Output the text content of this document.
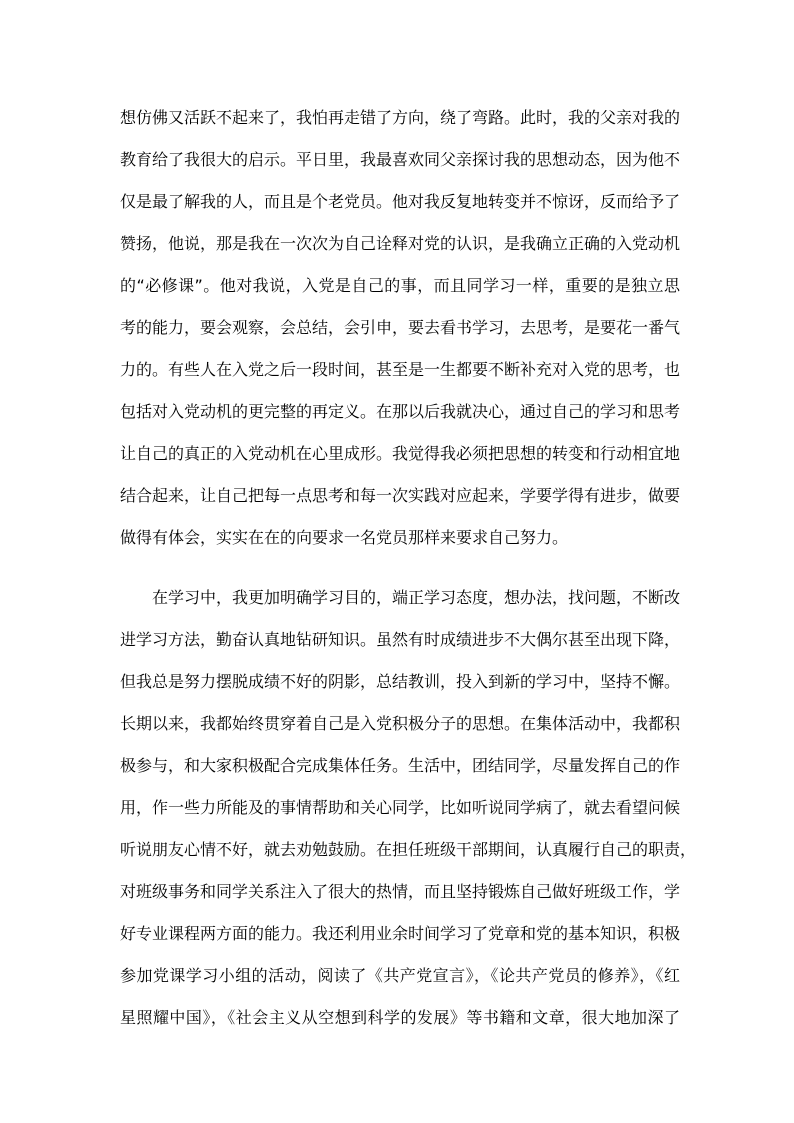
想仿佛又活跃不起来了，我怕再走错了方向，绕了弯路。此时，我的父亲对我的
教育给了我很大的启示。平日里，我最喜欢同父亲探讨我的思想动态，因为他不
仅是最了解我的人，而且是个老党员。他对我反复地转变并不惊讶，反而给予了
赞扬，他说，那是我在一次次为自己诠释对党的认识，是我确立正确的入党动机
的“必修课”。他对我说，入党是自己的事，而且同学习一样，重要的是独立思
考的能力，要会观察，会总结，会引申，要去看书学习，去思考，是要花一番气
力的。有些人在入党之后一段时间，甚至是一生都要不断补充对入党的思考，也
包括对入党动机的更完整的再定义。在那以后我就决心，通过自己的学习和思考
让自己的真正的入党动机在心里成形。我觉得我必须把思想的转变和行动相宜地
结合起来，让自己把每一点思考和每一次实践对应起来，学要学得有进步，做要
做得有体会，实实在在的向要求一名党员那样来要求自己努力。
在学习中，我更加明确学习目的，端正学习态度，想办法，找问题，不断改
进学习方法，勤奋认真地钻研知识。虽然有时成绩进步不大偶尔甚至出现下降，
但我总是努力摆脱成绩不好的阴影，总结教训，投入到新的学习中，坚持不懈。
长期以来，我都始终贯穿着自己是入党积极分子的思想。在集体活动中，我都积
极参与，和大家积极配合完成集体任务。生活中，团结同学，尽量发挥自己的作
用，作一些力所能及的事情帮助和关心同学，比如听说同学病了，就去看望问候
听说朋友心情不好，就去劝勉鼓励。在担任班级干部期间，认真履行自己的职责，
对班级事务和同学关系注入了很大的热情，而且坚持锻炼自己做好班级工作，学
好专业课程两方面的能力。我还利用业余时间学习了党章和党的基本知识，积极
参加党课学习小组的活动，阅读了《共产党宣言》，《论共产党员的修养》，《红
星照耀中国》，《社会主义从空想到科学的发展》等书籍和文章，很大地加深了
